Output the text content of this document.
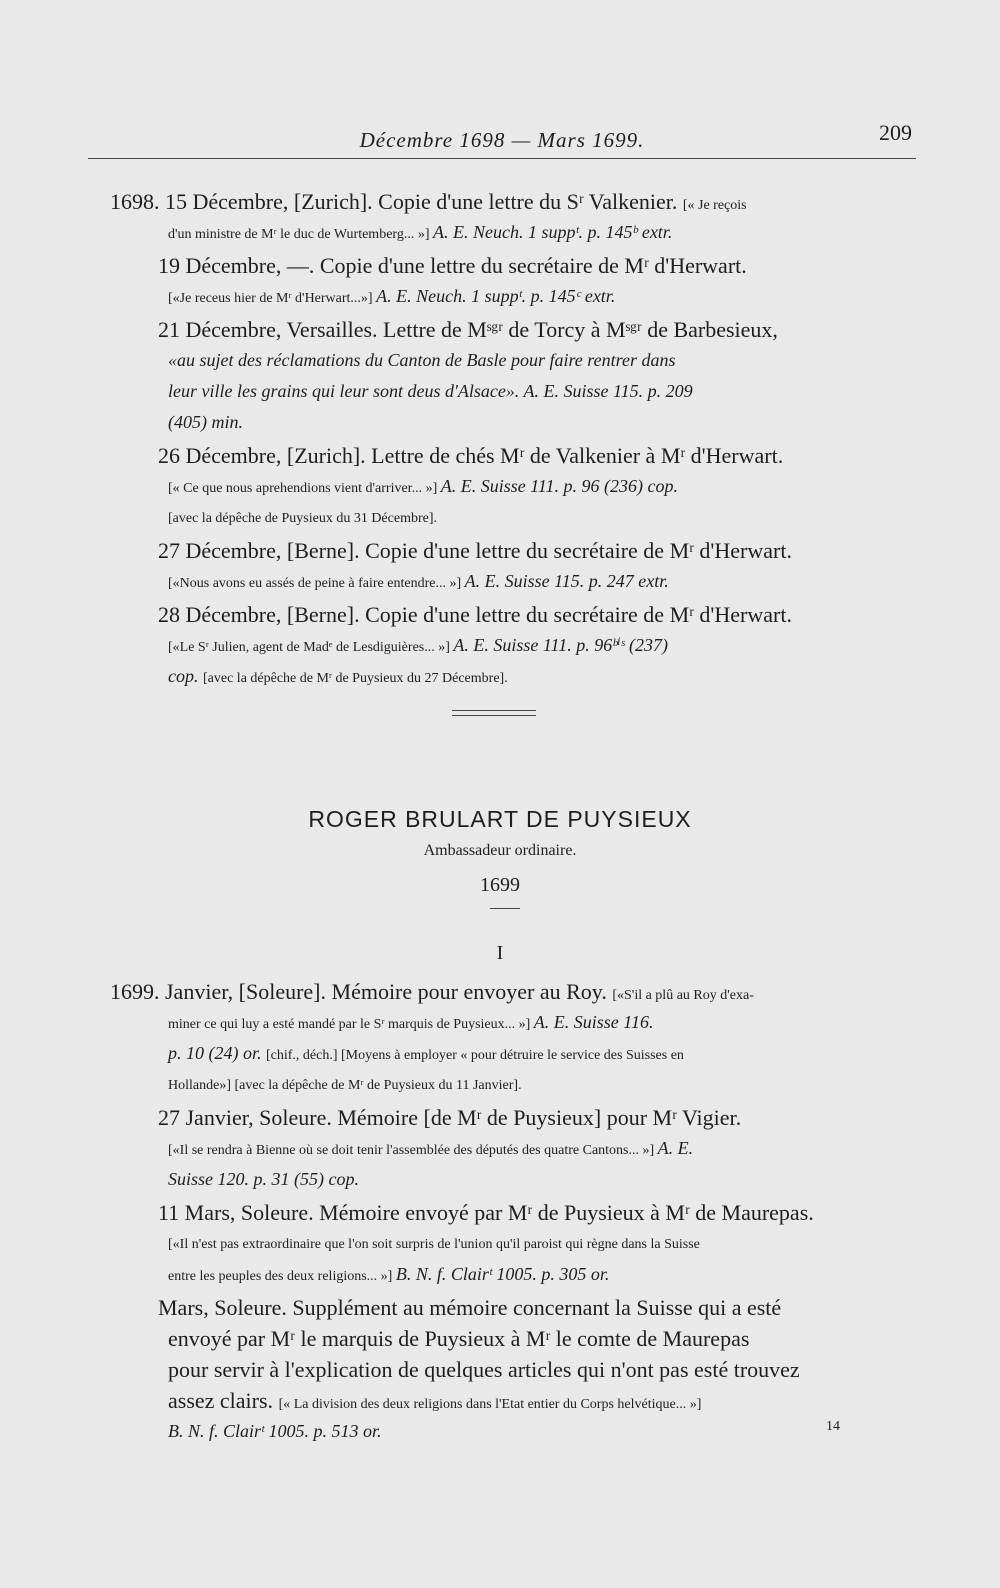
Décembre 1698 — Mars 1699.	209
1698. 15 Décembre, [Zurich]. Copie d'une lettre du Sʳ Valkenier. [« Je reçois
d'un ministre de Mʳ le duc de Wurtemberg... »] A. E. Neuch. 1 suppᵗ. p. 145ᵇ extr.
19 Décembre, —. Copie d'une lettre du secrétaire de Mʳ d'Herwart.
[«Je receus hier de Mʳ d'Herwart...»] A. E. Neuch. 1 suppᵗ. p. 145ᶜ extr.
21 Décembre, Versailles. Lettre de Mˢᵍʳ de Torcy à Mˢᵍʳ de Barbesieux,
«au sujet des réclamations du Canton de Basle pour faire rentrer dans
leur ville les grains qui leur sont deus d'Alsace». A. E. Suisse 115. p. 209
(405) min.
26 Décembre, [Zurich]. Lettre de chés Mʳ de Valkenier à Mʳ d'Herwart.
[« Ce que nous aprehendions vient d'arriver... »] A. E. Suisse 111. p. 96 (236) cop.
[avec la dépêche de Puysieux du 31 Décembre].
27 Décembre, [Berne]. Copie d'une lettre du secrétaire de Mʳ d'Herwart.
[«Nous avons eu assés de peine à faire entendre... »] A. E. Suisse 115. p. 247 extr.
28 Décembre, [Berne]. Copie d'une lettre du secrétaire de Mʳ d'Herwart.
[«Le Sʳ Julien, agent de Madᵉ de Lesdiguières... »] A. E. Suisse 111. p. 96ᵇⁱˢ (237)
cop. [avec la dépêche de Mʳ de Puysieux du 27 Décembre].
ROGER BRULART DE PUYSIEUX
Ambassadeur ordinaire.
1699
I
1699. Janvier, [Soleure]. Mémoire pour envoyer au Roy. [«S'il a plû au Roy d'exa-
miner ce qui luy a esté mandé par le Sʳ marquis de Puysieux... »] A. E. Suisse 116.
p. 10 (24) or. [chif., déch.] [Moyens à employer « pour détruire le service des Suisses en
Hollande»] [avec la dépêche de Mʳ de Puysieux du 11 Janvier].
27 Janvier, Soleure. Mémoire [de Mʳ de Puysieux] pour Mʳ Vigier.
[«Il se rendra à Bienne où se doit tenir l'assemblée des députés des quatre Cantons... »] A. E.
Suisse 120. p. 31 (55) cop.
11 Mars, Soleure. Mémoire envoyé par Mʳ de Puysieux à Mʳ de Maurepas.
[«Il n'est pas extraordinaire que l'on soit surpris de l'union qu'il paroist qui règne dans la Suisse
entre les peuples des deux religions... »] B. N. f. Clairᵗ 1005. p. 305 or.
Mars, Soleure. Supplément au mémoire concernant la Suisse qui a esté
envoyé par Mʳ le marquis de Puysieux à Mʳ le comte de Maurepas
pour servir à l'explication de quelques articles qui n'ont pas esté trouvez
assez clairs. [« La division des deux religions dans l'Etat entier du Corps helvétique... »]
B. N. f. Clairᵗ 1005. p. 513 or.	14
